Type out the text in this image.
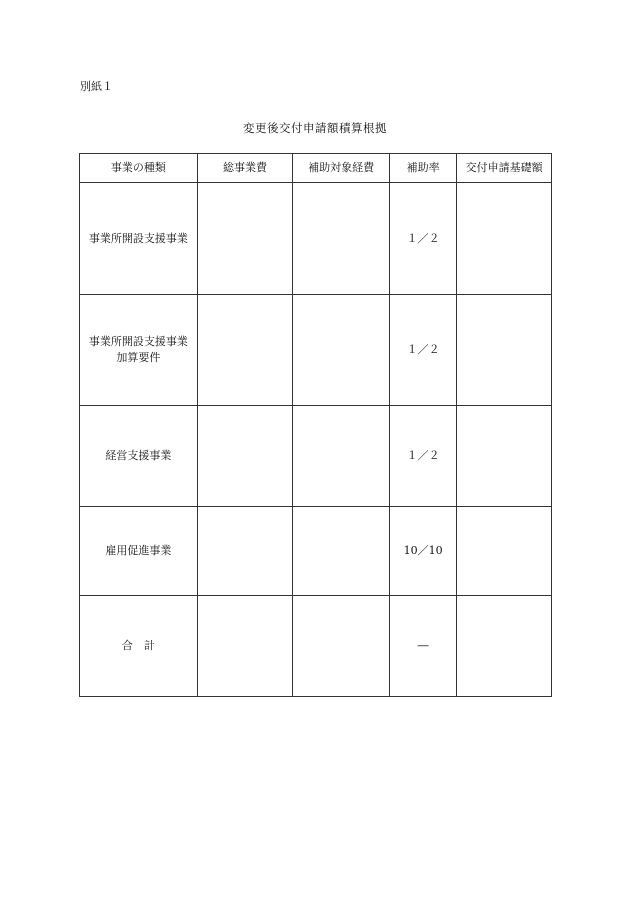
別紙１
変更後交付申請額積算根拠
事業の種類	総事業費	補助対象経費	補助率	交付申請基礎額

事業所開設支援事業			１／２	

事業所開設支援事業
加算要件			１／２	

経営支援事業			１／２	

雇用促進事業			10／10	

合　計			―	
